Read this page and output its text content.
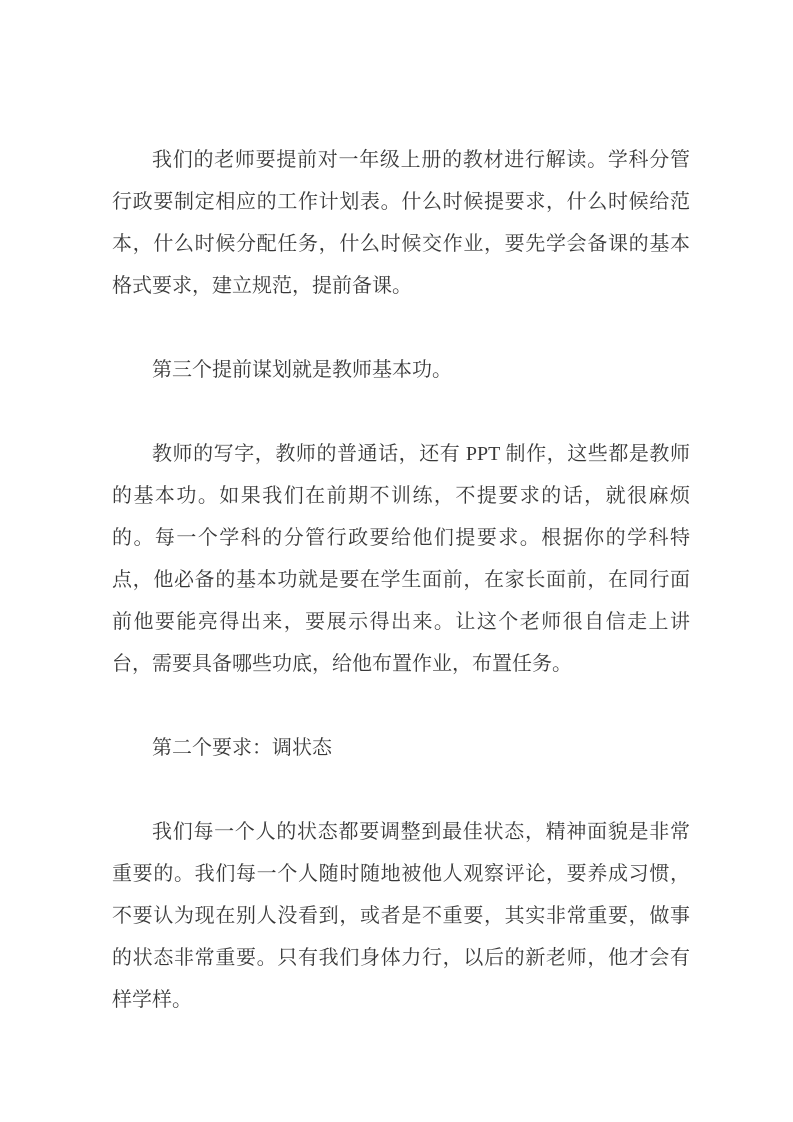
我们的老师要提前对一年级上册的教材进行解读。学科分管行政要制定相应的工作计划表。什么时候提要求，什么时候给范本，什么时候分配任务，什么时候交作业，要先学会备课的基本格式要求，建立规范，提前备课。

第三个提前谋划就是教师基本功。

教师的写字，教师的普通话，还有 PPT 制作，这些都是教师的基本功。如果我们在前期不训练，不提要求的话，就很麻烦的。每一个学科的分管行政要给他们提要求。根据你的学科特点，他必备的基本功就是要在学生面前，在家长面前，在同行面前他要能亮得出来，要展示得出来。让这个老师很自信走上讲台，需要具备哪些功底，给他布置作业，布置任务。

第二个要求：调状态

我们每一个人的状态都要调整到最佳状态，精神面貌是非常重要的。我们每一个人随时随地被他人观察评论，要养成习惯，不要认为现在别人没看到，或者是不重要，其实非常重要，做事的状态非常重要。只有我们身体力行，以后的新老师，他才会有样学样。
